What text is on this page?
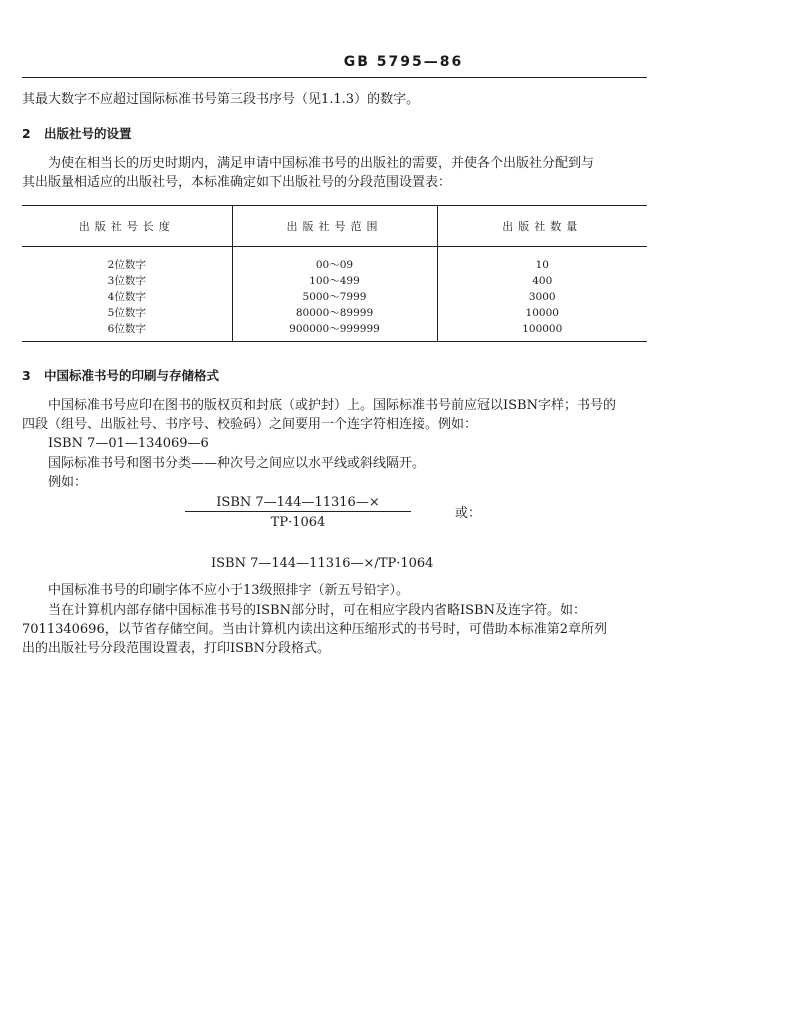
GB 5795—86
其最大数字不应超过国际标准书号第三段书序号（见1.1.3）的数字。
2 出版社号的设置
为使在相当长的历史时期内，满足申请中国标准书号的出版社的需要，并使各个出版社分配到与
其出版量相适应的出版社号，本标准确定如下出版社号的分段范围设置表：
出版社号长度	出版社号范围	出版社数量
2位数字	00～09	10
3位数字	100～499	400
4位数字	5000～7999	3000
5位数字	80000～89999	10000
6位数字	900000～999999	100000
3 中国标准书号的印刷与存储格式
中国标准书号应印在图书的版权页和封底（或护封）上。国际标准书号前应冠以ISBN字样；书号的
四段（组号、出版社号、书序号、校验码）之间要用一个连字符相连接。例如：
ISBN 7—01—134069—6
国际标准书号和图书分类——种次号之间应以水平线或斜线隔开。
例如：
ISBN 7—144—11316—×
TP·1064
或：
ISBN 7—144—11316—×/TP·1064
中国标准书号的印刷字体不应小于13级照排字（新五号铅字）。
当在计算机内部存储中国标准书号的ISBN部分时，可在相应字段内省略ISBN及连字符。如：
7011340696，以节省存储空间。当由计算机内读出这种压缩形式的书号时，可借助本标准第2章所列
出的出版社号分段范围设置表，打印ISBN分段格式。
